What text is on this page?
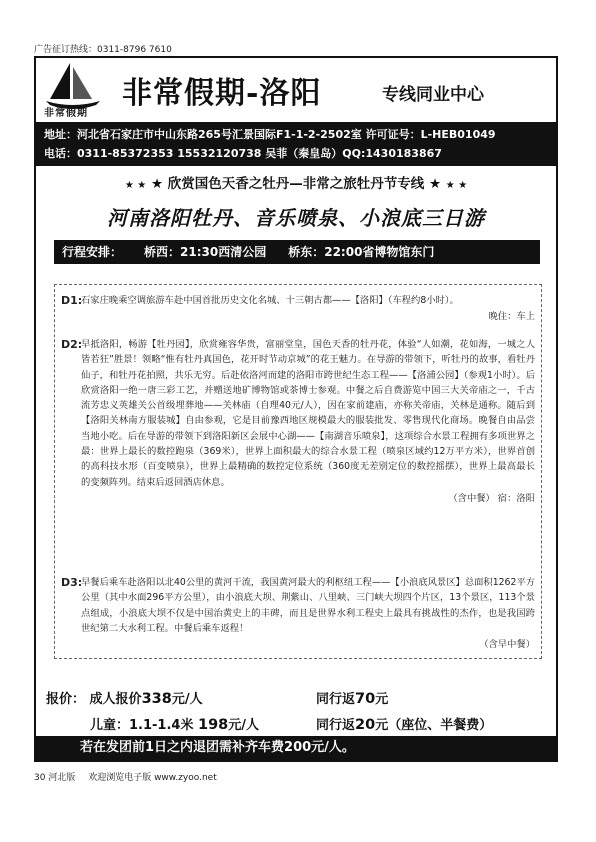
广告征订热线：0311-8796 7610
非常假期
非常假期-洛阳	专线同业中心
地址：河北省石家庄市中山东路265号汇景国际F1-1-2-2502室 许可证号：L-HEB01049
电话：0311-85372353 15532120738 吴菲（秦皇岛）QQ:1430183867
★ ★ ★ 欣赏国色天香之牡丹—非常之旅牡丹节专线 ★ ★ ★
河南洛阳牡丹、音乐喷泉、小浪底三日游
行程安排： 桥西：21:30西清公园 桥东：22:00省博物馆东门
D1:
石家庄晚乘空调旅游车赴中国首批历史文化名城、十三朝古都——【洛阳】（车程约8小时）。
晚住：车上
D2:
早抵洛阳，畅游【牡丹园】，欣赏雍容华贵，富丽堂皇，国色天香的牡丹花，体验“人如潮，花如海，一城之人皆若狂”胜景！领略“惟有牡丹真国色，花开时节动京城”的花王魅力。在导游的带领下，听牡丹的故事，看牡丹仙子，和牡丹花拍照，共乐无穷。后赴依洛河而建的洛阳市跨世纪生态工程——【洛浦公园】（参观1小时）。后欣赏洛阳一绝一唐三彩工艺，并赠送地矿博物馆或茶博士参观。中餐之后自费游览中国三大关帝庙之一，千古流芳忠义英雄关公首级埋葬地——关林庙（自理40元/人），因在家前建庙，亦称关帝庙，关林是通称。随后到【洛阳关林南方服装城】自由参观，它是目前豫西地区规模最大的服装批发、零售现代化商场。晚餐自由品尝当地小吃。后在导游的带领下到洛阳新区会展中心湖——【南湖音乐喷泉】，这项综合水景工程拥有多项世界之最：世界上最长的数控跑泉（369米），世界上面积最大的综合水景工程（喷泉区域约12万平方米），世界首创的高科技水形（百变喷泉），世界上最精确的数控定位系统（360度无差别定位的数控摇摆），世界上最高最长的变频阵列。结束后返回酒店休息。
（含中餐） 宿：洛阳
D3:
早餐后乘车赴洛阳以北40公里的黄河干流，我国黄河最大的利枢纽工程——【小浪底风景区】总面积1262平方公里（其中水面296平方公里），由小浪底大坝、荆紫山、八里峡、三门峡大坝四个片区，13个景区，113个景点组成，小浪底大坝不仅是中国治黄史上的丰碑，而且是世界水利工程史上最具有挑战性的杰作，也是我国跨世纪第二大水利工程。中餐后乘车返程！
（含早中餐）
报价： 成人报价338元/人	同行返70元
儿童：1.1-1.4米 198元/人	同行返20元（座位、半餐费）
若在发团前1日之内退团需补齐车费200元/人。
30 河北版 欢迎浏览电子版 www.zyoo.net
